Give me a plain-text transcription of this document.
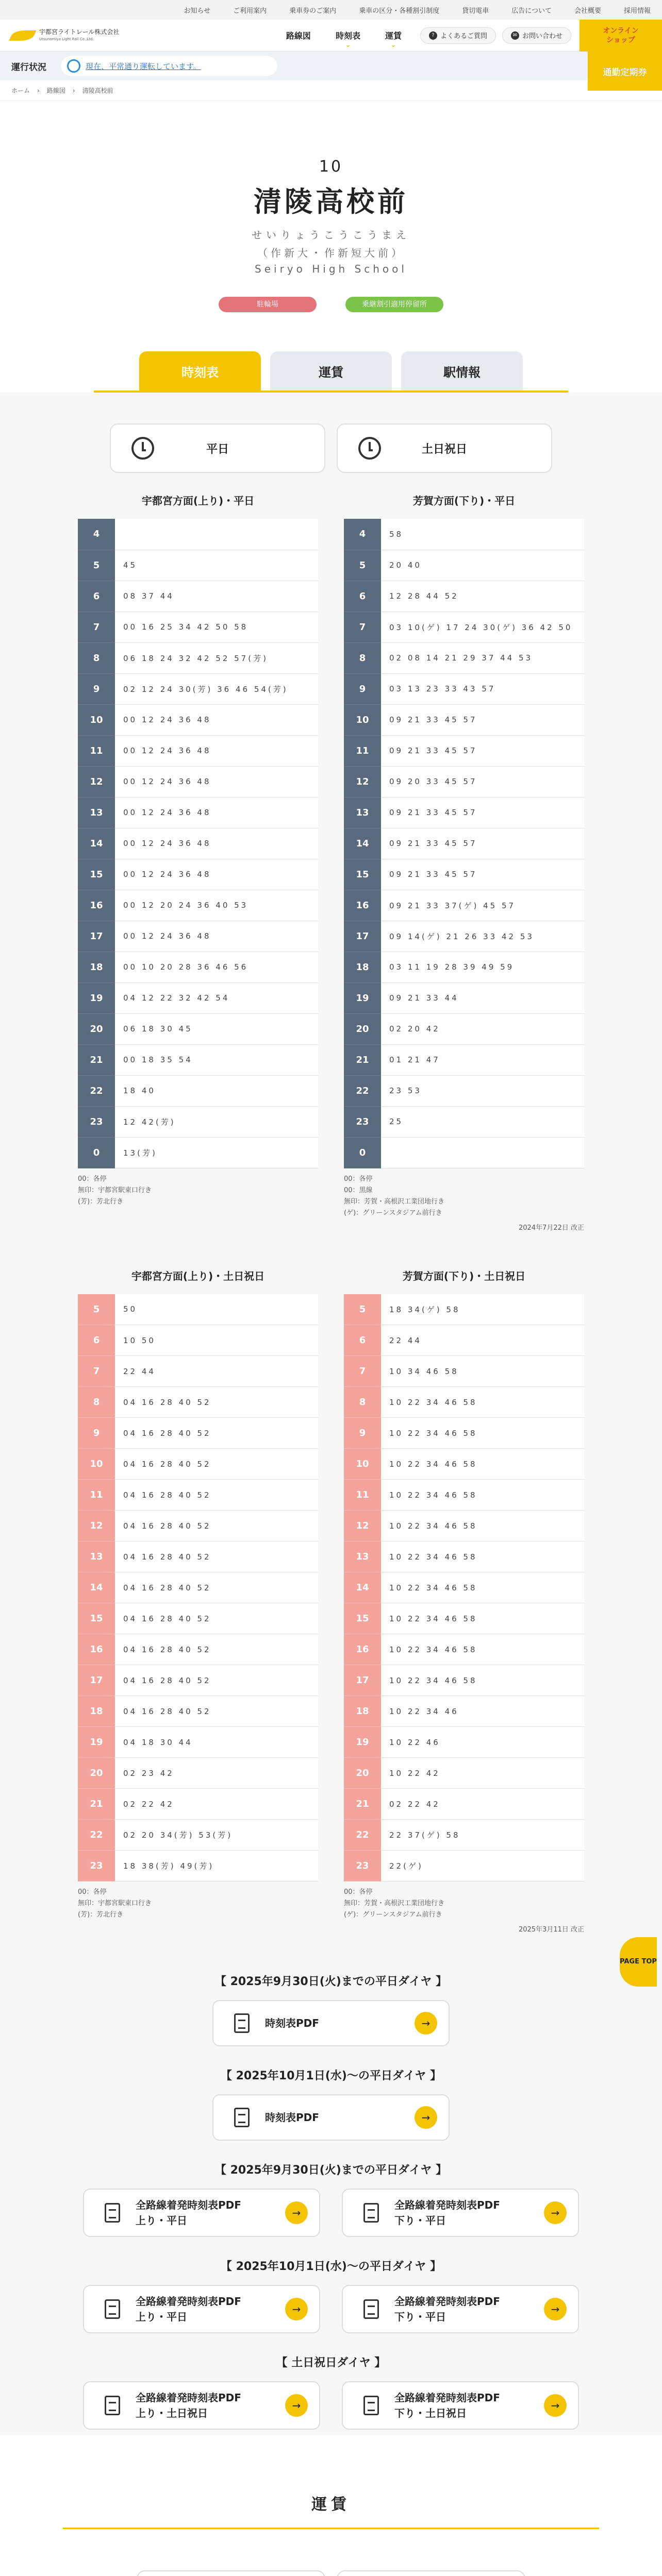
お知らせ	ご利用案内	乗車券のご案内	乗車の区分・各種割引制度	貸切電車	広告について	会社概要	採用情報
宇都宮ライトレール株式会社
Utsunomiya Light Rail Co.,Ltd.	路線図	時刻表 ⌄	運賃 ⌄	? よくあるご質問	✉ お問い合わせ
オンライン
ショップ
運行状況	現在、平常通り運転しています。
通勤定期券
ホーム › 路線図 › 清陵高校前
10
清陵高校前
せいりょうこうこうまえ
（作新大・作新短大前）
Seiryo High School
駐輪場	乗継割引適用停留所
時刻表	運賃	駅情報
平日	土日祝日
宇都宮方面(上り)・平日
4	
5	45
6	08 37 44
7	00 16 25 34 42 50 58
8	06 18 24 32 42 52 57(芳)
9	02 12 24 30(芳) 36 46 54(芳)
10	00 12 24 36 48
11	00 12 24 36 48
12	00 12 24 36 48
13	00 12 24 36 48
14	00 12 24 36 48
15	00 12 24 36 48
16	00 12 20 24 36 40 53
17	00 12 24 36 48
18	00 10 20 28 36 46 56
19	04 12 22 32 42 54
20	06 18 30 45
21	00 18 35 54
22	18 40
23	12 42(芳)
0	13(芳)
00：各停
無印：宇都宮駅東口行き
(芳)：芳北行き
芳賀方面(下り)・平日
4	58
5	20 40
6	12 28 44 52
7	03 10(ゲ) 17 24 30(ゲ) 36 42 50
8	02 08 14 21 29 37 44 53
9	03 13 23 33 43 57
10	09 21 33 45 57
11	09 21 33 45 57
12	09 20 33 45 57
13	09 21 33 45 57
14	09 21 33 45 57
15	09 21 33 45 57
16	09 21 33 37(ゲ) 45 57
17	09 14(ゲ) 21 26 33 42 53
18	03 11 19 28 39 49 59
19	09 21 33 44
20	02 20 42
21	01 21 47
22	23 53
23	25
0	
00：各停
00：黒線
無印：芳賀・高根沢工業団地行き
(ゲ)：グリーンスタジアム前行き
2024年7月22日 改正
宇都宮方面(上り)・土日祝日
5	50
6	10 50
7	22 44
8	04 16 28 40 52
9	04 16 28 40 52
10	04 16 28 40 52
11	04 16 28 40 52
12	04 16 28 40 52
13	04 16 28 40 52
14	04 16 28 40 52
15	04 16 28 40 52
16	04 16 28 40 52
17	04 16 28 40 52
18	04 16 28 40 52
19	04 18 30 44
20	02 23 42
21	02 22 42
22	02 20 34(芳) 53(芳)
23	18 38(芳) 49(芳)
00：各停
無印：宇都宮駅東口行き
(芳)：芳北行き
芳賀方面(下り)・土日祝日
5	18 34(ゲ) 58
6	22 44
7	10 34 46 58
8	10 22 34 46 58
9	10 22 34 46 58
10	10 22 34 46 58
11	10 22 34 46 58
12	10 22 34 46 58
13	10 22 34 46 58
14	10 22 34 46 58
15	10 22 34 46 58
16	10 22 34 46 58
17	10 22 34 46 58
18	10 22 34 46
19	10 22 46
20	10 22 42
21	02 22 42
22	22 37(ゲ) 58
23	22(ゲ)
00：各停
無印：芳賀・高根沢工業団地行き
(ゲ)：グリーンスタジアム前行き
2025年3月11日 改正
【 2025年9月30日(火)までの平日ダイヤ 】
時刻表PDF	→
【 2025年10月1日(水)～の平日ダイヤ 】
時刻表PDF	→
【 2025年9月30日(火)までの平日ダイヤ 】
全路線着発時刻表PDF
上り・平日
→
全路線着発時刻表PDF
下り・平日
→
【 2025年10月1日(水)～の平日ダイヤ 】
全路線着発時刻表PDF
上り・平日
→
全路線着発時刻表PDF
下り・平日
→
【 土日祝日ダイヤ 】
全路線着発時刻表PDF
上り・土日祝日
→
全路線着発時刻表PDF
下り・土日祝日
→
PAGE TOP
運賃
